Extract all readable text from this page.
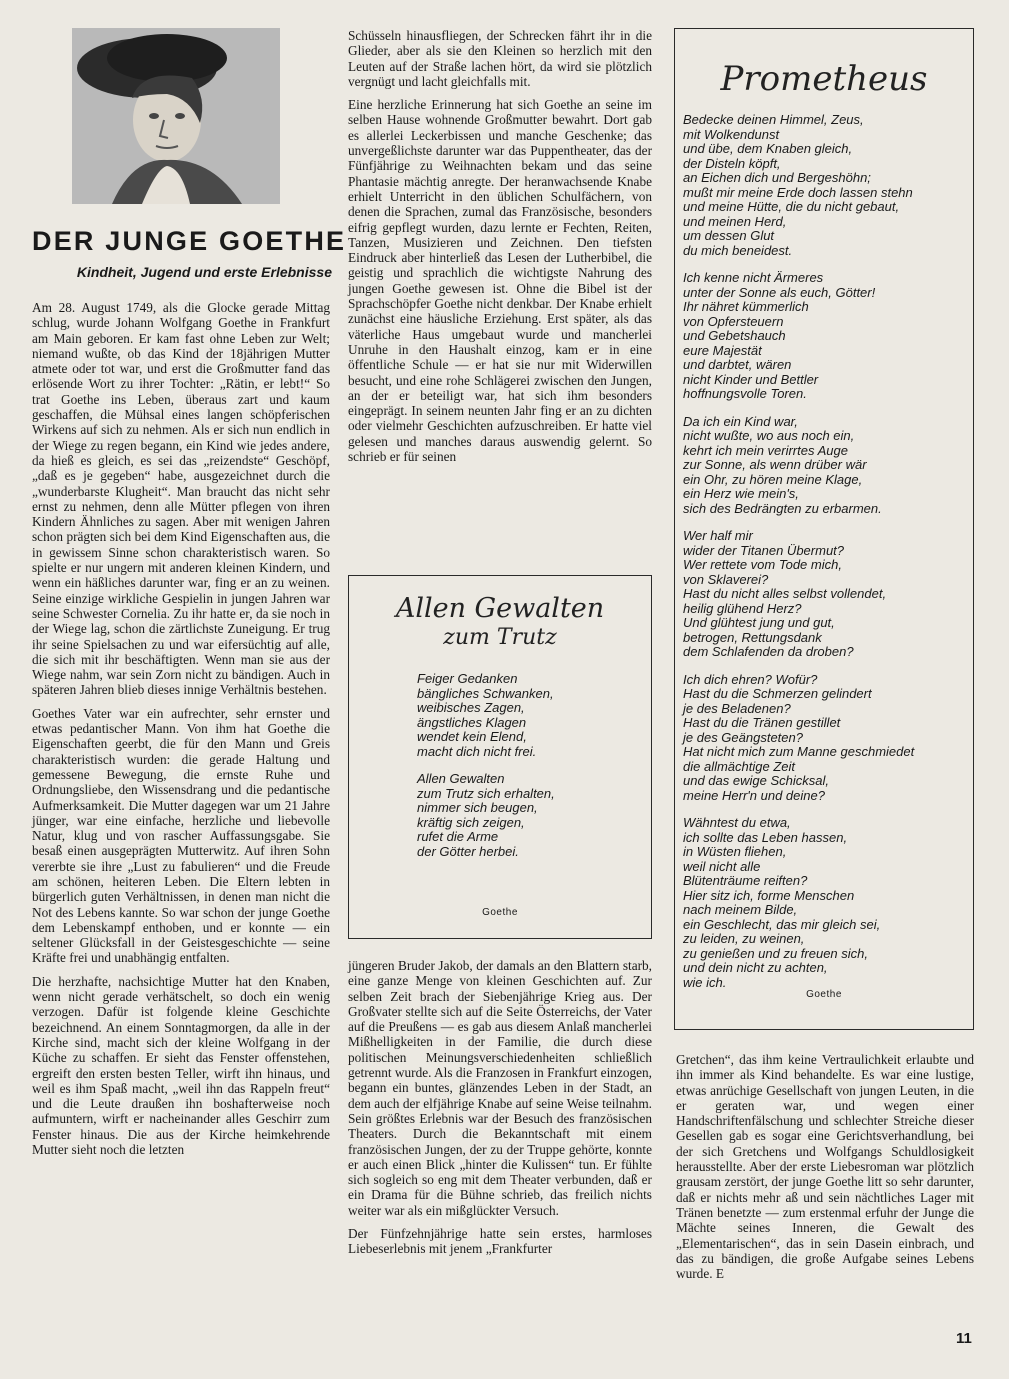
DER JUNGE GOETHE
Kindheit, Jugend und erste Erlebnisse

Am 28. August 1749, als die Glocke gerade Mittag schlug, wurde Johann Wolfgang Goethe in Frankfurt am Main geboren. Er kam fast ohne Leben zur Welt; niemand wußte, ob das Kind der 18jährigen Mutter atmete oder tot war, und erst die Großmutter fand das erlösende Wort zu ihrer Tochter: „Rätin, er lebt!“ So trat Goethe ins Leben, überaus zart und kaum geschaffen, die Mühsal eines langen schöpferischen Wirkens auf sich zu nehmen. Als er sich nun endlich in der Wiege zu regen begann, ein Kind wie jedes andere, da hieß es gleich, es sei das „reizendste“ Geschöpf, „daß es je gegeben“ habe, ausgezeichnet durch die „wunderbarste Klugheit“. Man braucht das nicht sehr ernst zu nehmen, denn alle Mütter pflegen von ihren Kindern Ähnliches zu sagen. Aber mit wenigen Jahren schon prägten sich bei dem Kind Eigenschaften aus, die in gewissem Sinne schon charakteristisch waren. So spielte er nur ungern mit anderen kleinen Kindern, und wenn ein häßliches darunter war, fing er an zu weinen. Seine einzige wirkliche Gespielin in jungen Jahren war seine Schwester Cornelia. Zu ihr hatte er, da sie noch in der Wiege lag, schon die zärtlichste Zuneigung. Er trug ihr seine Spielsachen zu und war eifersüchtig auf alle, die sich mit ihr beschäftigten. Wenn man sie aus der Wiege nahm, war sein Zorn nicht zu bändigen. Auch in späteren Jahren blieb dieses innige Verhältnis bestehen.

Goethes Vater war ein aufrechter, sehr ernster und etwas pedantischer Mann. Von ihm hat Goethe die Eigenschaften geerbt, die für den Mann und Greis charakteristisch wurden: die gerade Haltung und gemessene Bewegung, die ernste Ruhe und Ordnungsliebe, den Wissensdrang und die pedantische Aufmerksamkeit. Die Mutter dagegen war um 21 Jahre jünger, war eine einfache, herzliche und liebevolle Natur, klug und von rascher Auffassungsgabe. Sie besaß einen ausgeprägten Mutterwitz. Auf ihren Sohn vererbte sie ihre „Lust zu fabulieren“ und die Freude am schönen, heiteren Leben. Die Eltern lebten in bürgerlich guten Verhältnissen, in denen man nicht die Not des Lebens kannte. So war schon der junge Goethe dem Lebenskampf enthoben, und er konnte — ein seltener Glücksfall in der Geistesgeschichte — seine Kräfte frei und unabhängig entfalten.

Die herzhafte, nachsichtige Mutter hat den Knaben, wenn nicht gerade verhätschelt, so doch ein wenig verzogen. Dafür ist folgende kleine Geschichte bezeichnend. An einem Sonntagmorgen, da alle in der Kirche sind, macht sich der kleine Wolfgang in der Küche zu schaffen. Er sieht das Fenster offenstehen, ergreift den ersten besten Teller, wirft ihn hinaus, und weil es ihm Spaß macht, „weil ihn das Rappeln freut“ und die Leute draußen ihn boshafterweise noch aufmuntern, wirft er nacheinander alles Geschirr zum Fenster hinaus. Die aus der Kirche heimkehrende Mutter sieht noch die letzten

Schüsseln hinausfliegen, der Schrecken fährt ihr in die Glieder, aber als sie den Kleinen so herzlich mit den Leuten auf der Straße lachen hört, da wird sie plötzlich vergnügt und lacht gleichfalls mit.

Eine herzliche Erinnerung hat sich Goethe an seine im selben Hause wohnende Großmutter bewahrt. Dort gab es allerlei Leckerbissen und manche Geschenke; das unvergeßlichste darunter war das Puppentheater, das der Fünfjährige zu Weihnachten bekam und das seine Phantasie mächtig anregte. Der heranwachsende Knabe erhielt Unterricht in den üblichen Schulfächern, von denen die Sprachen, zumal das Französische, besonders eifrig gepflegt wurden, dazu lernte er Fechten, Reiten, Tanzen, Musizieren und Zeichnen. Den tiefsten Eindruck aber hinterließ das Lesen der Lutherbibel, die geistig und sprachlich die wichtigste Nahrung des jungen Goethe gewesen ist. Ohne die Bibel ist der Sprachschöpfer Goethe nicht denkbar. Der Knabe erhielt zunächst eine häusliche Erziehung. Erst später, als das väterliche Haus umgebaut wurde und mancherlei Unruhe in den Haushalt einzog, kam er in eine öffentliche Schule — er hat sie nur mit Widerwillen besucht, und eine rohe Schlägerei zwischen den Jungen, an der er beteiligt war, hat sich ihm besonders eingeprägt. In seinem neunten Jahr fing er an zu dichten oder vielmehr Geschichten aufzuschreiben. Er hatte viel gelesen und manches daraus auswendig gelernt. So schrieb er für seinen

Allen Gewalten
zum Trutz
Feiger Gedanken
bängliches Schwanken,
weibisches Zagen,
ängstliches Klagen
wendet kein Elend,
macht dich nicht frei.
Allen Gewalten
zum Trutz sich erhalten,
nimmer sich beugen,
kräftig sich zeigen,
rufet die Arme
der Götter herbei.
Goethe

jüngeren Bruder Jakob, der damals an den Blattern starb, eine ganze Menge von kleinen Geschichten auf. Zur selben Zeit brach der Siebenjährige Krieg aus. Der Großvater stellte sich auf die Seite Österreichs, der Vater auf die Preußens — es gab aus diesem Anlaß mancherlei Mißhelligkeiten in der Familie, die durch diese politischen Meinungsverschiedenheiten schließlich getrennt wurde. Als die Franzosen in Frankfurt einzogen, begann ein buntes, glänzendes Leben in der Stadt, an dem auch der elfjährige Knabe auf seine Weise teilnahm. Sein größtes Erlebnis war der Besuch des französischen Theaters. Durch die Bekanntschaft mit einem französischen Jungen, der zu der Truppe gehörte, konnte er auch einen Blick „hinter die Kulissen“ tun. Er fühlte sich sogleich so eng mit dem Theater verbunden, daß er ein Drama für die Bühne schrieb, das freilich nichts weiter war als ein mißglückter Versuch.

Der Fünfzehnjährige hatte sein erstes, harmloses Liebeserlebnis mit jenem „Frankfurter

Prometheus
Bedecke deinen Himmel, Zeus,
mit Wolkendunst
und übe, dem Knaben gleich,
der Disteln köpft,
an Eichen dich und Bergeshöhn;
mußt mir meine Erde doch lassen stehn
und meine Hütte, die du nicht gebaut,
und meinen Herd,
um dessen Glut
du mich beneidest.
Ich kenne nicht Ärmeres
unter der Sonne als euch, Götter!
Ihr nähret kümmerlich
von Opfersteuern
und Gebetshauch
eure Majestät
und darbtet, wären
nicht Kinder und Bettler
hoffnungsvolle Toren.
Da ich ein Kind war,
nicht wußte, wo aus noch ein,
kehrt ich mein verirrtes Auge
zur Sonne, als wenn drüber wär
ein Ohr, zu hören meine Klage,
ein Herz wie mein's,
sich des Bedrängten zu erbarmen.
Wer half mir
wider der Titanen Übermut?
Wer rettete vom Tode mich,
von Sklaverei?
Hast du nicht alles selbst vollendet,
heilig glühend Herz?
Und glühtest jung und gut,
betrogen, Rettungsdank
dem Schlafenden da droben?
Ich dich ehren? Wofür?
Hast du die Schmerzen gelindert
je des Beladenen?
Hast du die Tränen gestillet
je des Geängsteten?
Hat nicht mich zum Manne geschmiedet
die allmächtige Zeit
und das ewige Schicksal,
meine Herr'n und deine?
Wähntest du etwa,
ich sollte das Leben hassen,
in Wüsten fliehen,
weil nicht alle
Blütenträume reiften?
Hier sitz ich, forme Menschen
nach meinem Bilde,
ein Geschlecht, das mir gleich sei,
zu leiden, zu weinen,
zu genießen und zu freuen sich,
und dein nicht zu achten,
wie ich.
Goethe

Gretchen“, das ihm keine Vertraulichkeit erlaubte und ihn immer als Kind behandelte. Es war eine lustige, etwas anrüchige Gesellschaft von jungen Leuten, in die er geraten war, und wegen einer Handschriftenfälschung und schlechter Streiche dieser Gesellen gab es sogar eine Gerichtsverhandlung, bei der sich Gretchens und Wolfgangs Schuldlosigkeit herausstellte. Aber der erste Liebesroman war plötzlich grausam zerstört, der junge Goethe litt so sehr darunter, daß er nichts mehr aß und sein nächtliches Lager mit Tränen benetzte — zum erstenmal erfuhr der Junge die Mächte seines Inneren, die Gewalt des „Elementarischen“, das in sein Dasein einbrach, und das zu bändigen, die große Aufgabe seines Lebens wurde. E

11
